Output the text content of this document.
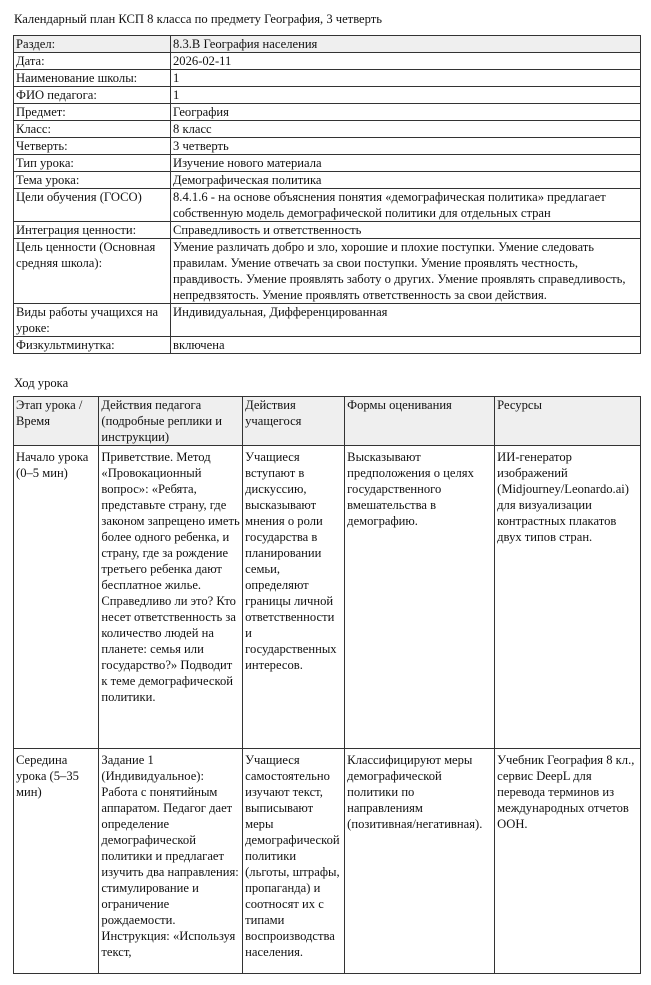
Календарный план КСП 8 класса по предмету География, 3 четверть
Раздел:	8.3.B География населения
Дата:	2026-02-11
Наименование школы:	1
ФИО педагога:	1
Предмет:	География
Класс:	8 класс
Четверть:	3 четверть
Тип урока:	Изучение нового материала
Тема урока:	Демографическая политика
Цели обучения (ГОСО)	8.4.1.6 - на основе объяснения понятия «демографическая политика» предлагает собственную модель демографической политики для отдельных стран
Интеграция ценности:	Справедливость и ответственность
Цель ценности (Основная средняя школа):	Умение различать добро и зло, хорошие и плохие поступки. Умение следовать правилам. Умение отвечать за свои поступки. Умение проявлять честность, правдивость. Умение проявлять заботу о других. Умение проявлять справедливость, непредвзятость. Умение проявлять ответственность за свои действия.
Виды работы учащихся на уроке:	Индивидуальная, Дифференцированная
Физкультминутка:	включена
Ход урока
Этап урока / Время	Действия педагога (подробные реплики и инструкции)	Действия учащегося	Формы оценивания	Ресурсы
Начало урока (0–5 мин)	Приветствие. Метод «Провокационный вопрос»: «Ребята, представьте страну, где законом запрещено иметь более одного ребенка, и страну, где за рождение третьего ребенка дают бесплатное жилье. Справедливо ли это? Кто несет ответственность за количество людей на планете: семья или государство?» Подводит к теме демографической политики.	Учащиеся вступают в дискуссию, высказывают мнения о роли государства в планировании семьи, определяют границы личной ответственности и государственных интересов.	Высказывают предположения о целях государственного вмешательства в демографию.	ИИ-генератор изображений (Midjourney/Leonardo.ai) для визуализации контрастных плакатов двух типов стран.
Середина урока (5–35 мин)	Задание 1 (Индивидуальное): Работа с понятийным аппаратом. Педагог дает определение демографической политики и предлагает изучить два направления: стимулирование и ограничение рождаемости. Инструкция: «Используя текст,	Учащиеся самостоятельно изучают текст, выписывают меры демографической политики (льготы, штрафы, пропаганда) и соотносят их с типами воспроизводства населения.	Классифицируют меры демографической политики по направлениям (позитивная/негативная).	Учебник География 8 кл., сервис DeepL для перевода терминов из международных отчетов ООН.
